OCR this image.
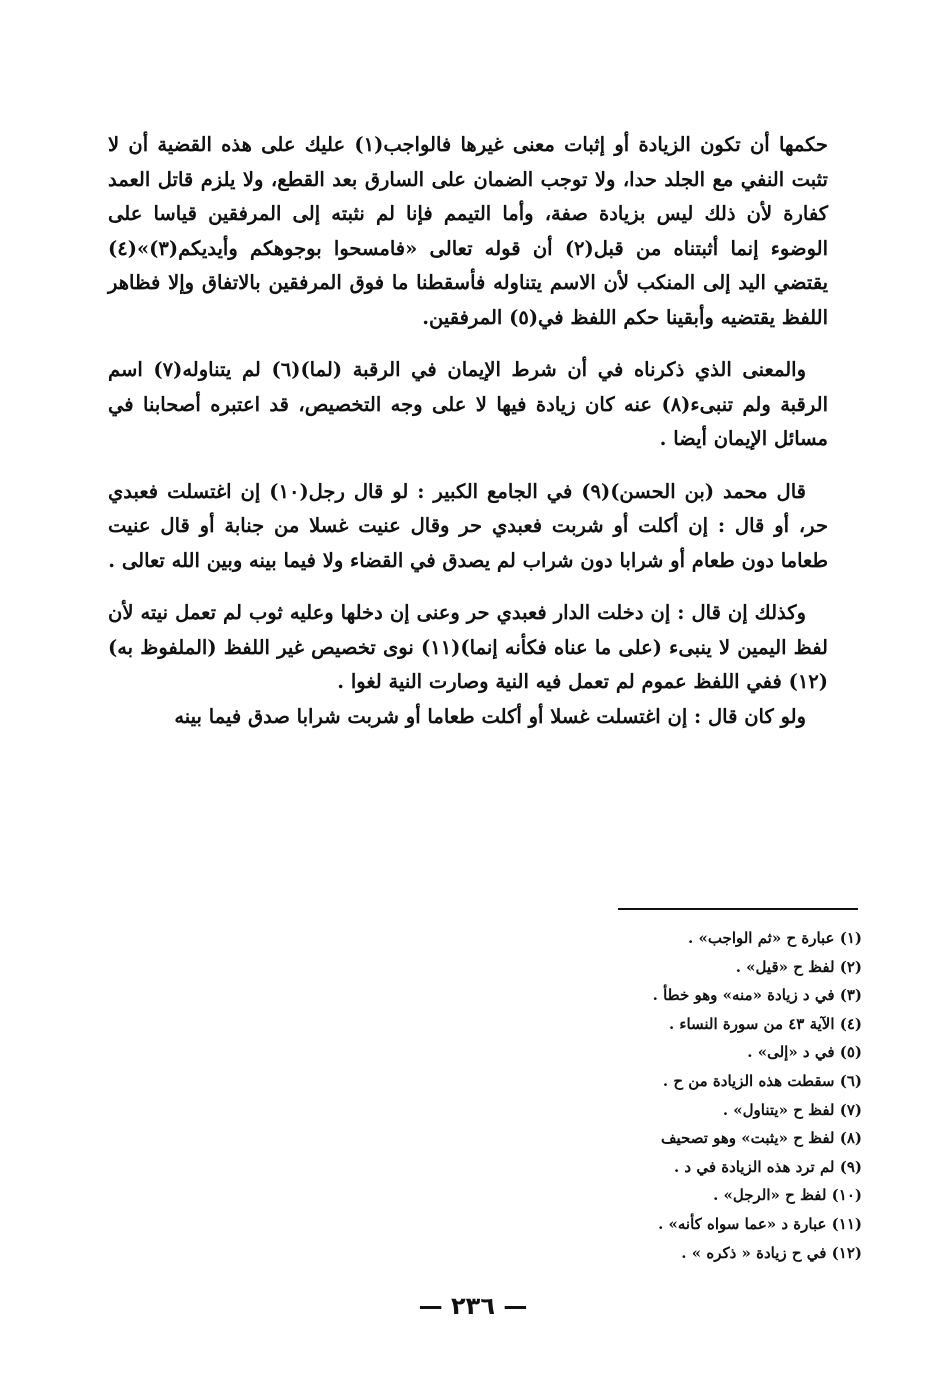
حكمها أن تكون الزيادة أو إثبات معنى غيرها فالواجب(١) عليك على هذه القضية أن لا تثبت النفي مع الجلد حدا، ولا توجب الضمان على السارق بعد القطع، ولا يلزم قاتل العمد كفارة لأن ذلك ليس بزيادة صفة، وأما التيمم فإنا لم نثبته إلى المرفقين قياسا على الوضوء إنما أثبتناه من قبل(٢) أن قوله تعالى «فامسحوا بوجوهكم وأيديكم(٣)»(٤) يقتضي اليد إلى المنكب لأن الاسم يتناوله فأسقطنا ما فوق المرفقين بالاتفاق وإلا فظاهر اللفظ يقتضيه وأبقينا حكم اللفظ في(٥) المرفقين.

والمعنى الذي ذكرناه في أن شرط الإيمان في الرقبة (لما)(٦) لم يتناوله(٧) اسم الرقبة ولم تنبىء(٨) عنه كان زيادة فيها لا على وجه التخصيص، قد اعتبره أصحابنا في مسائل الإيمان أيضا .

قال محمد (بن الحسن)(٩) في الجامع الكبير : لو قال رجل(١٠) إن اغتسلت فعبدي حر، أو قال : إن أكلت أو شربت فعبدي حر وقال عنيت غسلا من جنابة أو قال عنيت طعاما دون طعام أو شرابا دون شراب لم يصدق في القضاء ولا فيما بينه وبين الله تعالى .

وكذلك إن قال : إن دخلت الدار فعبدي حر وعنى إن دخلها وعليه ثوب لم تعمل نيته لأن لفظ اليمين لا ينبىء (على ما عناه فكأنه إنما)(١١) نوى تخصيص غير اللفظ (الملفوظ به)(١٢) ففي اللفظ عموم لم تعمل فيه النية وصارت النية لغوا .

ولو كان قال : إن اغتسلت غسلا أو أكلت طعاما أو شربت شرابا صدق فيما بينه

(١) عبارة ح «ثم الواجب» .
(٢) لفظ ح «قيل» .
(٣) في د زيادة «منه» وهو خطأ .
(٤) الآية ٤٣ من سورة النساء .
(٥) في د «إلى» .
(٦) سقطت هذه الزيادة من ح .
(٧) لفظ ح «يتناول» .
(٨) لفظ ح «يثبت» وهو تصحيف
(٩) لم ترد هذه الزيادة في د .
(١٠) لفظ ح «الرجل» .
(١١) عبارة د «عما سواه كأنه» .
(١٢) في ح زيادة « ذكره » .
— ٢٣٦ —
